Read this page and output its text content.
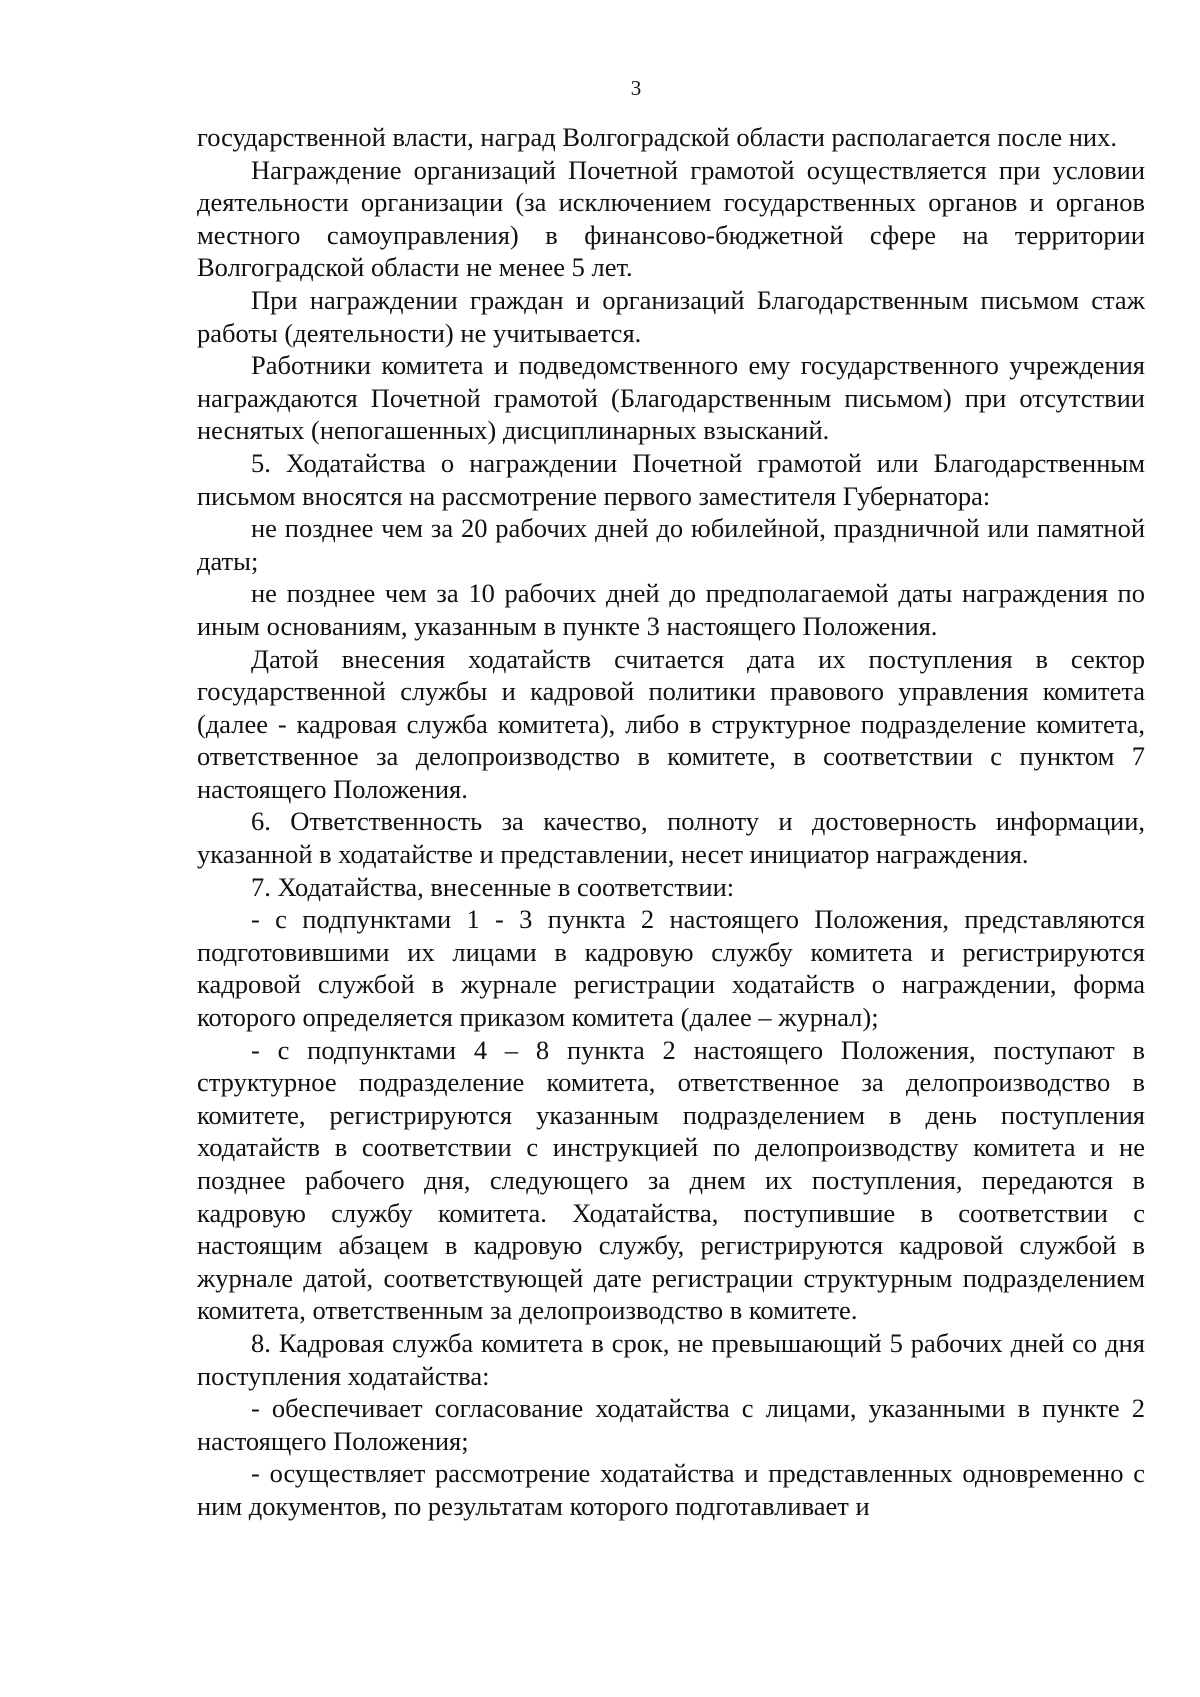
3

государственной власти, наград Волгоградской области располагается после них.

Награждение организаций Почетной грамотой осуществляется при условии деятельности организации (за исключением государственных органов и органов местного самоуправления) в финансово-бюджетной сфере на территории Волгоградской области не менее 5 лет.

При награждении граждан и организаций Благодарственным письмом стаж работы (деятельности) не учитывается.

Работники комитета и подведомственного ему государственного учреждения награждаются Почетной грамотой (Благодарственным письмом) при отсутствии неснятых (непогашенных) дисциплинарных взысканий.

5. Ходатайства о награждении Почетной грамотой или Благодарственным письмом вносятся на рассмотрение первого заместителя Губернатора:

не позднее чем за 20 рабочих дней до юбилейной, праздничной или памятной даты;

не позднее чем за 10 рабочих дней до предполагаемой даты награждения по иным основаниям, указанным в пункте 3 настоящего Положения.

Датой внесения ходатайств считается дата их поступления в сектор государственной службы и кадровой политики правового управления комитета (далее - кадровая служба комитета), либо в структурное подразделение комитета, ответственное за делопроизводство в комитете, в соответствии с пунктом 7 настоящего Положения.

6. Ответственность за качество, полноту и достоверность информации, указанной в ходатайстве и представлении, несет инициатор награждения.

7. Ходатайства, внесенные в соответствии:

- с подпунктами 1 - 3 пункта 2 настоящего Положения, представляются подготовившими их лицами в кадровую службу комитета и регистрируются кадровой службой в журнале регистрации ходатайств о награждении, форма которого определяется приказом комитета (далее – журнал);

- с подпунктами 4 – 8 пункта 2 настоящего Положения, поступают в структурное подразделение комитета, ответственное за делопроизводство в комитете, регистрируются указанным подразделением в день поступления ходатайств в соответствии с инструкцией по делопроизводству комитета и не позднее рабочего дня, следующего за днем их поступления, передаются в кадровую службу комитета. Ходатайства, поступившие в соответствии с настоящим абзацем в кадровую службу, регистрируются кадровой службой в журнале датой, соответствующей дате регистрации структурным подразделением комитета, ответственным за делопроизводство в комитете.

8. Кадровая служба комитета в срок, не превышающий 5 рабочих дней со дня поступления ходатайства:

- обеспечивает согласование ходатайства с лицами, указанными в пункте 2 настоящего Положения;

- осуществляет рассмотрение ходатайства и представленных одновременно с ним документов, по результатам которого подготавливает и
